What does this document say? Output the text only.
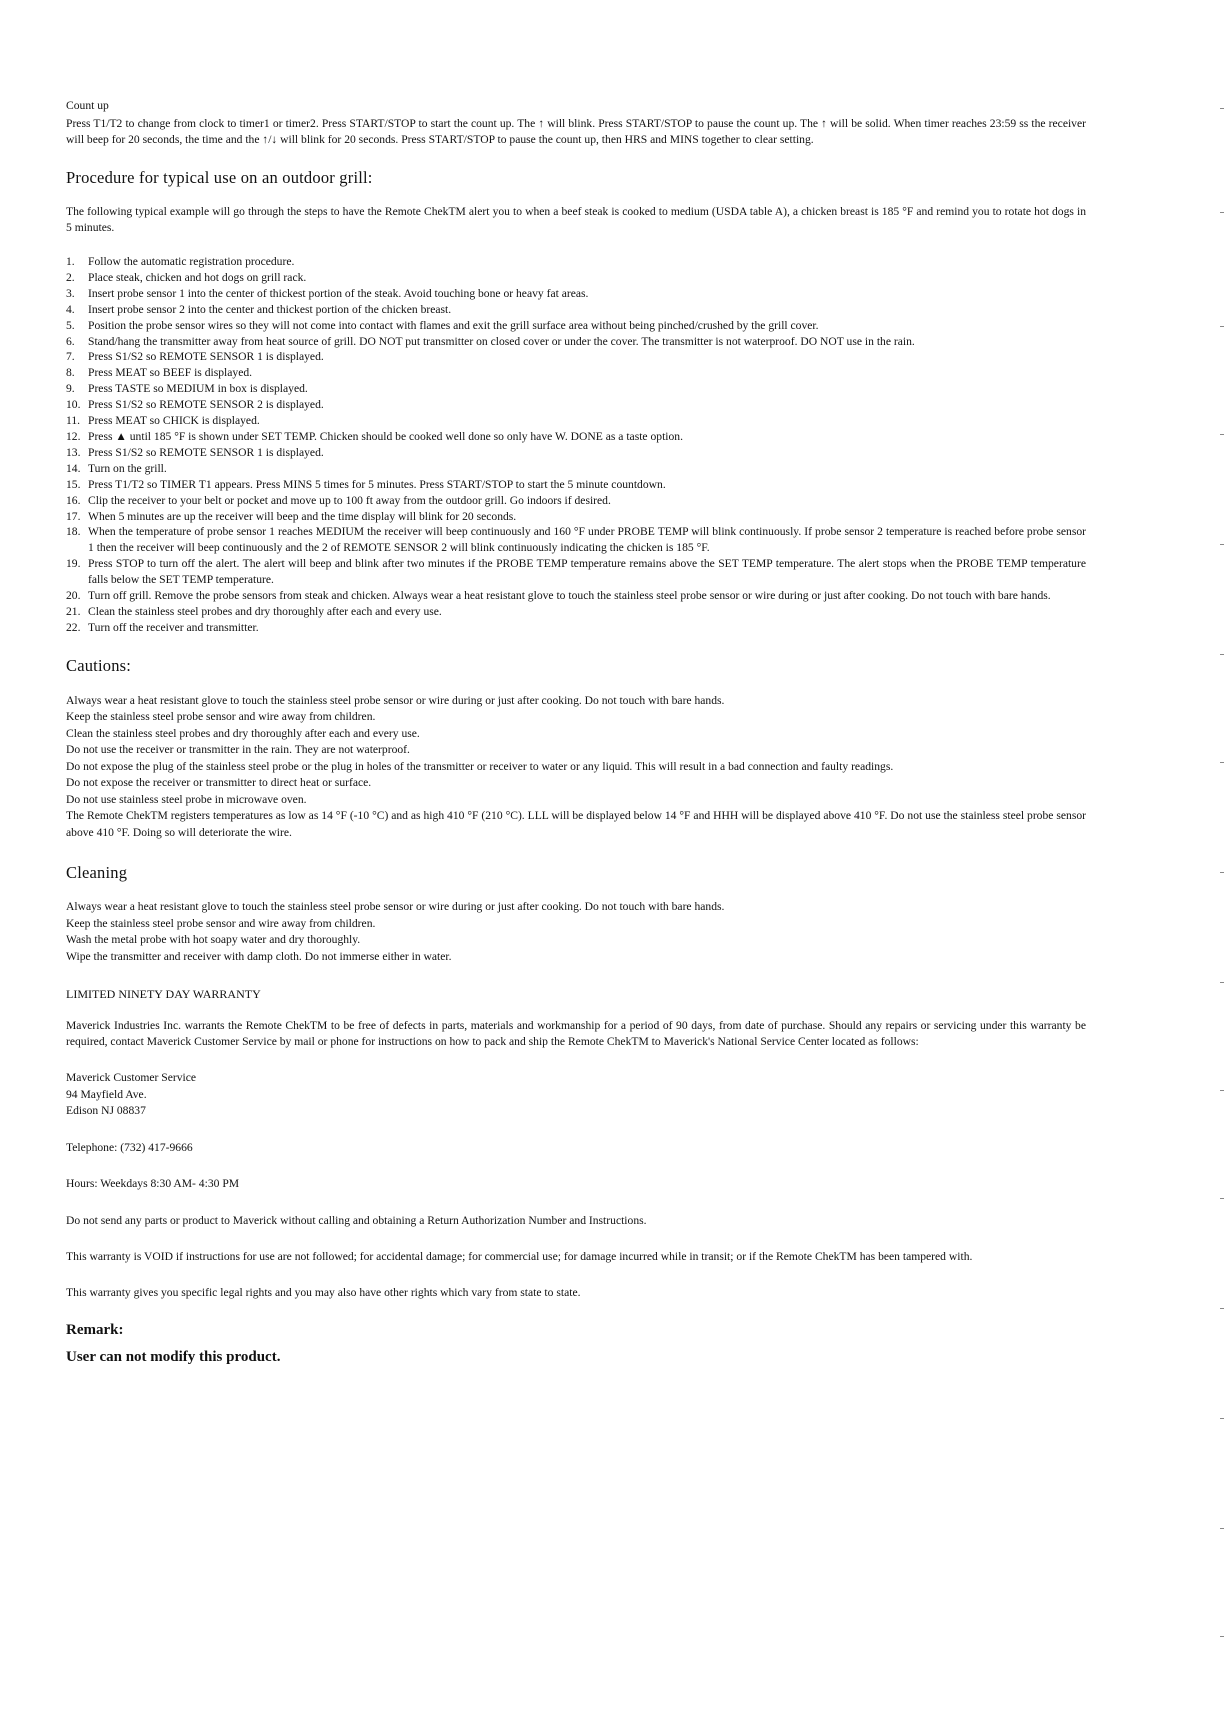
Count up

Press T1/T2 to change from clock to timer1 or timer2. Press START/STOP to start the count up. The ↑ will blink. Press START/STOP to pause the count up. The ↑ will be solid. When timer reaches 23:59 ss the receiver will beep for 20 seconds, the time and the ↑/↓ will blink for 20 seconds. Press START/STOP to pause the count up, then HRS and MINS together to clear setting.

Procedure for typical use on an outdoor grill:

The following typical example will go through the steps to have the Remote ChekTM alert you to when a beef steak is cooked to medium (USDA table A), a chicken breast is 185 °F and remind you to rotate hot dogs in 5 minutes.

1.	Follow the automatic registration procedure.
2.	Place steak, chicken and hot dogs on grill rack.
3.	Insert probe sensor 1 into the center of thickest portion of the steak. Avoid touching bone or heavy fat areas.
4.	Insert probe sensor 2 into the center and thickest portion of the chicken breast.
5.	Position the probe sensor wires so they will not come into contact with flames and exit the grill surface area without being pinched/crushed by the grill cover.
6.	Stand/hang the transmitter away from heat source of grill. DO NOT put transmitter on closed cover or under the cover. The transmitter is not waterproof. DO NOT use in the rain.
7.	Press S1/S2 so REMOTE SENSOR 1 is displayed.
8.	Press MEAT so BEEF is displayed.
9.	Press TASTE so MEDIUM in box is displayed.
10. Press S1/S2 so REMOTE SENSOR 2 is displayed.
11. Press MEAT so CHICK is displayed.
12. Press ▲ until 185 °F is shown under SET TEMP. Chicken should be cooked well done so only have W. DONE as a taste option.
13. Press S1/S2 so REMOTE SENSOR 1 is displayed.
14. Turn on the grill.
15. Press T1/T2 so TIMER T1 appears. Press MINS 5 times for 5 minutes. Press START/STOP to start the 5 minute countdown.
16. Clip the receiver to your belt or pocket and move up to 100 ft away from the outdoor grill. Go indoors if desired.
17. When 5 minutes are up the receiver will beep and the time display will blink for 20 seconds.
18. When the temperature of probe sensor 1 reaches MEDIUM the receiver will beep continuously and 160 °F under PROBE TEMP will blink continuously. If probe sensor 2 temperature is reached before probe sensor 1 then the receiver will beep continuously and the 2 of REMOTE SENSOR 2 will blink continuously indicating the chicken is 185 °F.
19. Press STOP to turn off the alert. The alert will beep and blink after two minutes if the PROBE TEMP temperature remains above the SET TEMP temperature. The alert stops when the PROBE TEMP temperature falls below the SET TEMP temperature.
20. Turn off grill. Remove the probe sensors from steak and chicken. Always wear a heat resistant glove to touch the stainless steel probe sensor or wire during or just after cooking. Do not touch with bare hands.
21. Clean the stainless steel probes and dry thoroughly after each and every use.
22. Turn off the receiver and transmitter.
Cautions:

Always wear a heat resistant glove to touch the stainless steel probe sensor or wire during or just after cooking. Do not touch with bare hands.

Keep the stainless steel probe sensor and wire away from children.

Clean the stainless steel probes and dry thoroughly after each and every use.

Do not use the receiver or transmitter in the rain. They are not waterproof.

Do not expose the plug of the stainless steel probe or the plug in holes of the transmitter or receiver to water or any liquid. This will result in a bad connection and faulty readings.

Do not expose the receiver or transmitter to direct heat or surface.

Do not use stainless steel probe in microwave oven.

The Remote ChekTM registers temperatures as low as 14 °F (-10 °C) and as high 410 °F (210 °C). LLL will be displayed below 14 °F and HHH will be displayed above 410 °F. Do not use the stainless steel probe sensor above 410 °F. Doing so will deteriorate the wire.

Cleaning

Always wear a heat resistant glove to touch the stainless steel probe sensor or wire during or just after cooking. Do not touch with bare hands.

Keep the stainless steel probe sensor and wire away from children.

Wash the metal probe with hot soapy water and dry thoroughly.

Wipe the transmitter and receiver with damp cloth. Do not immerse either in water.

LIMITED NINETY DAY WARRANTY

Maverick Industries Inc. warrants the Remote ChekTM to be free of defects in parts, materials and workmanship for a period of 90 days, from date of purchase. Should any repairs or servicing under this warranty be required, contact Maverick Customer Service by mail or phone for instructions on how to pack and ship the Remote ChekTM to Maverick's National Service Center located as follows:

Maverick Customer Service

94 Mayfield Ave.

Edison NJ 08837

Telephone: (732) 417-9666

Hours: Weekdays 8:30 AM- 4:30 PM

Do not send any parts or product to Maverick without calling and obtaining a Return Authorization Number and Instructions.

This warranty is VOID if instructions for use are not followed; for accidental damage; for commercial use; for damage incurred while in transit; or if the Remote ChekTM has been tampered with.

This warranty gives you specific legal rights and you may also have other rights which vary from state to state.

Remark:

User can not modify this product.
